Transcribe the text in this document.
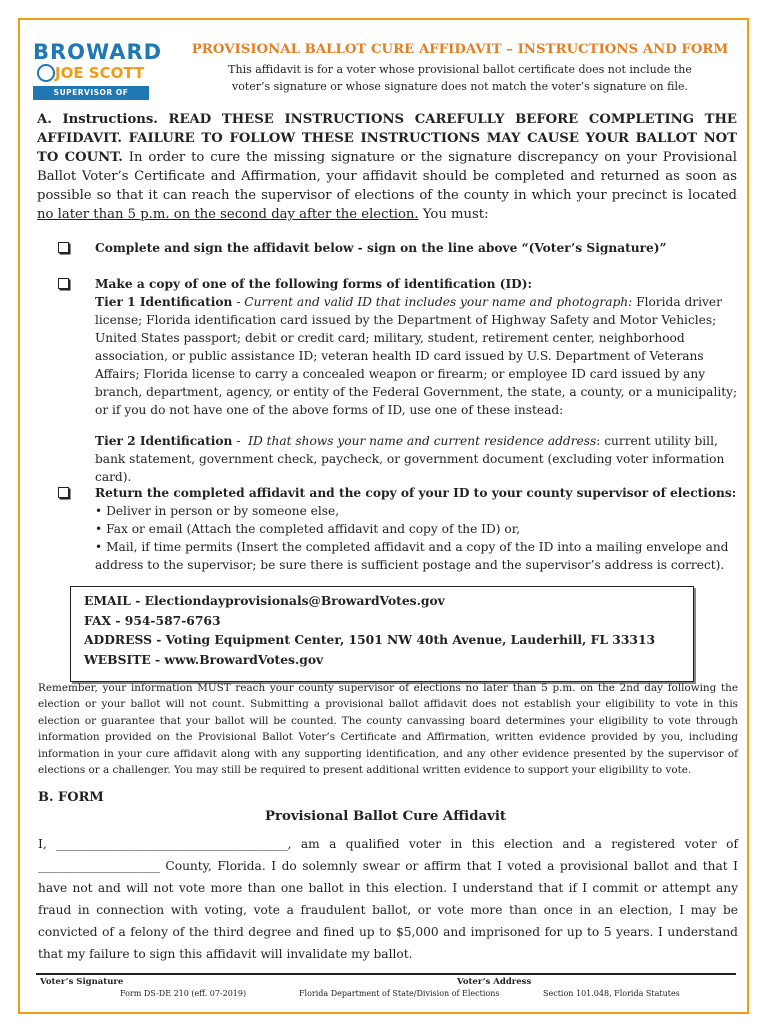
BROWARD
JOE SCOTT
SUPERVISOR OF ELECTIONS
PROVISIONAL BALLOT CURE AFFIDAVIT – INSTRUCTIONS AND FORM
This affidavit is for a voter whose provisional ballot certificate does not include the voter’s signature or whose signature does not match the voter’s signature on file.
A. Instructions. READ THESE INSTRUCTIONS CAREFULLY BEFORE COMPLETING THE AFFIDAVIT. FAILURE TO FOLLOW THESE INSTRUCTIONS MAY CAUSE YOUR BALLOT NOT TO COUNT. In order to cure the missing signature or the signature discrepancy on your Provisional Ballot Voter’s Certificate and Affirmation, your affidavit should be completed and returned as soon as possible so that it can reach the supervisor of elections of the county in which your precinct is located no later than 5 p.m. on the second day after the election. You must:
Complete and sign the affidavit below - sign on the line above “(Voter’s Signature)”
Make a copy of one of the following forms of identification (ID):
Tier 1 Identification - Current and valid ID that includes your name and photograph: Florida driver license; Florida identification card issued by the Department of Highway Safety and Motor Vehicles; United States passport; debit or credit card; military, student, retirement center, neighborhood association, or public assistance ID; veteran health ID card issued by U.S. Department of Veterans Affairs; Florida license to carry a concealed weapon or firearm; or employee ID card issued by any branch, department, agency, or entity of the Federal Government, the state, a county, or a municipality;
or if you do not have one of the above forms of ID, use one of these instead:
Tier 2 Identification -  ID that shows your name and current residence address: current utility bill, bank statement, government check, paycheck, or government document (excluding voter information card).
Return the completed affidavit and the copy of your ID to your county supervisor of elections:
• Deliver in person or by someone else,
• Fax or email (Attach the completed affidavit and copy of the ID) or,
• Mail, if time permits (Insert the completed affidavit and a copy of the ID into a mailing envelope and address to the supervisor; be sure there is sufficient postage and the supervisor’s address is correct).
EMAIL - Electiondayprovisionals@BrowardVotes.gov
FAX - 954-587-6763
ADDRESS - Voting Equipment Center, 1501 NW 40th Avenue, Lauderhill, FL 33313
WEBSITE - www.BrowardVotes.gov
Remember, your information MUST reach your county supervisor of elections no later than 5 p.m. on the 2nd day following the election or your ballot will not count. Submitting a provisional ballot affidavit does not establish your eligibility to vote in this election or guarantee that your ballot will be counted. The county canvassing board determines your eligibility to vote through information provided on the Provisional Ballot Voter’s Certificate and Affirmation, written evidence provided by you, including information in your cure affidavit along with any supporting identification, and any other evidence presented by the supervisor of elections or a challenger. You may still be required to present additional written evidence to support your eligibility to vote.
B. FORM
Provisional Ballot Cure Affidavit
I, ______________________________________, am a qualified voter in this election and a registered voter of ____________________ County, Florida. I do solemnly swear or affirm that I voted a provisional ballot and that I have not and will not vote more than one ballot in this election. I understand that if I commit or attempt any fraud in connection with voting, vote a fraudulent ballot, or vote more than once in an election, I may be convicted of a felony of the third degree and fined up to $5,000 and imprisoned for up to 5 years. I understand that my failure to sign this affidavit will invalidate my ballot.
Voter’s Signature	Voter’s Address
Form DS-DE 210 (eff. 07-2019)	Florida Department of State/Division of Elections	Section 101.048, Florida Statutes
